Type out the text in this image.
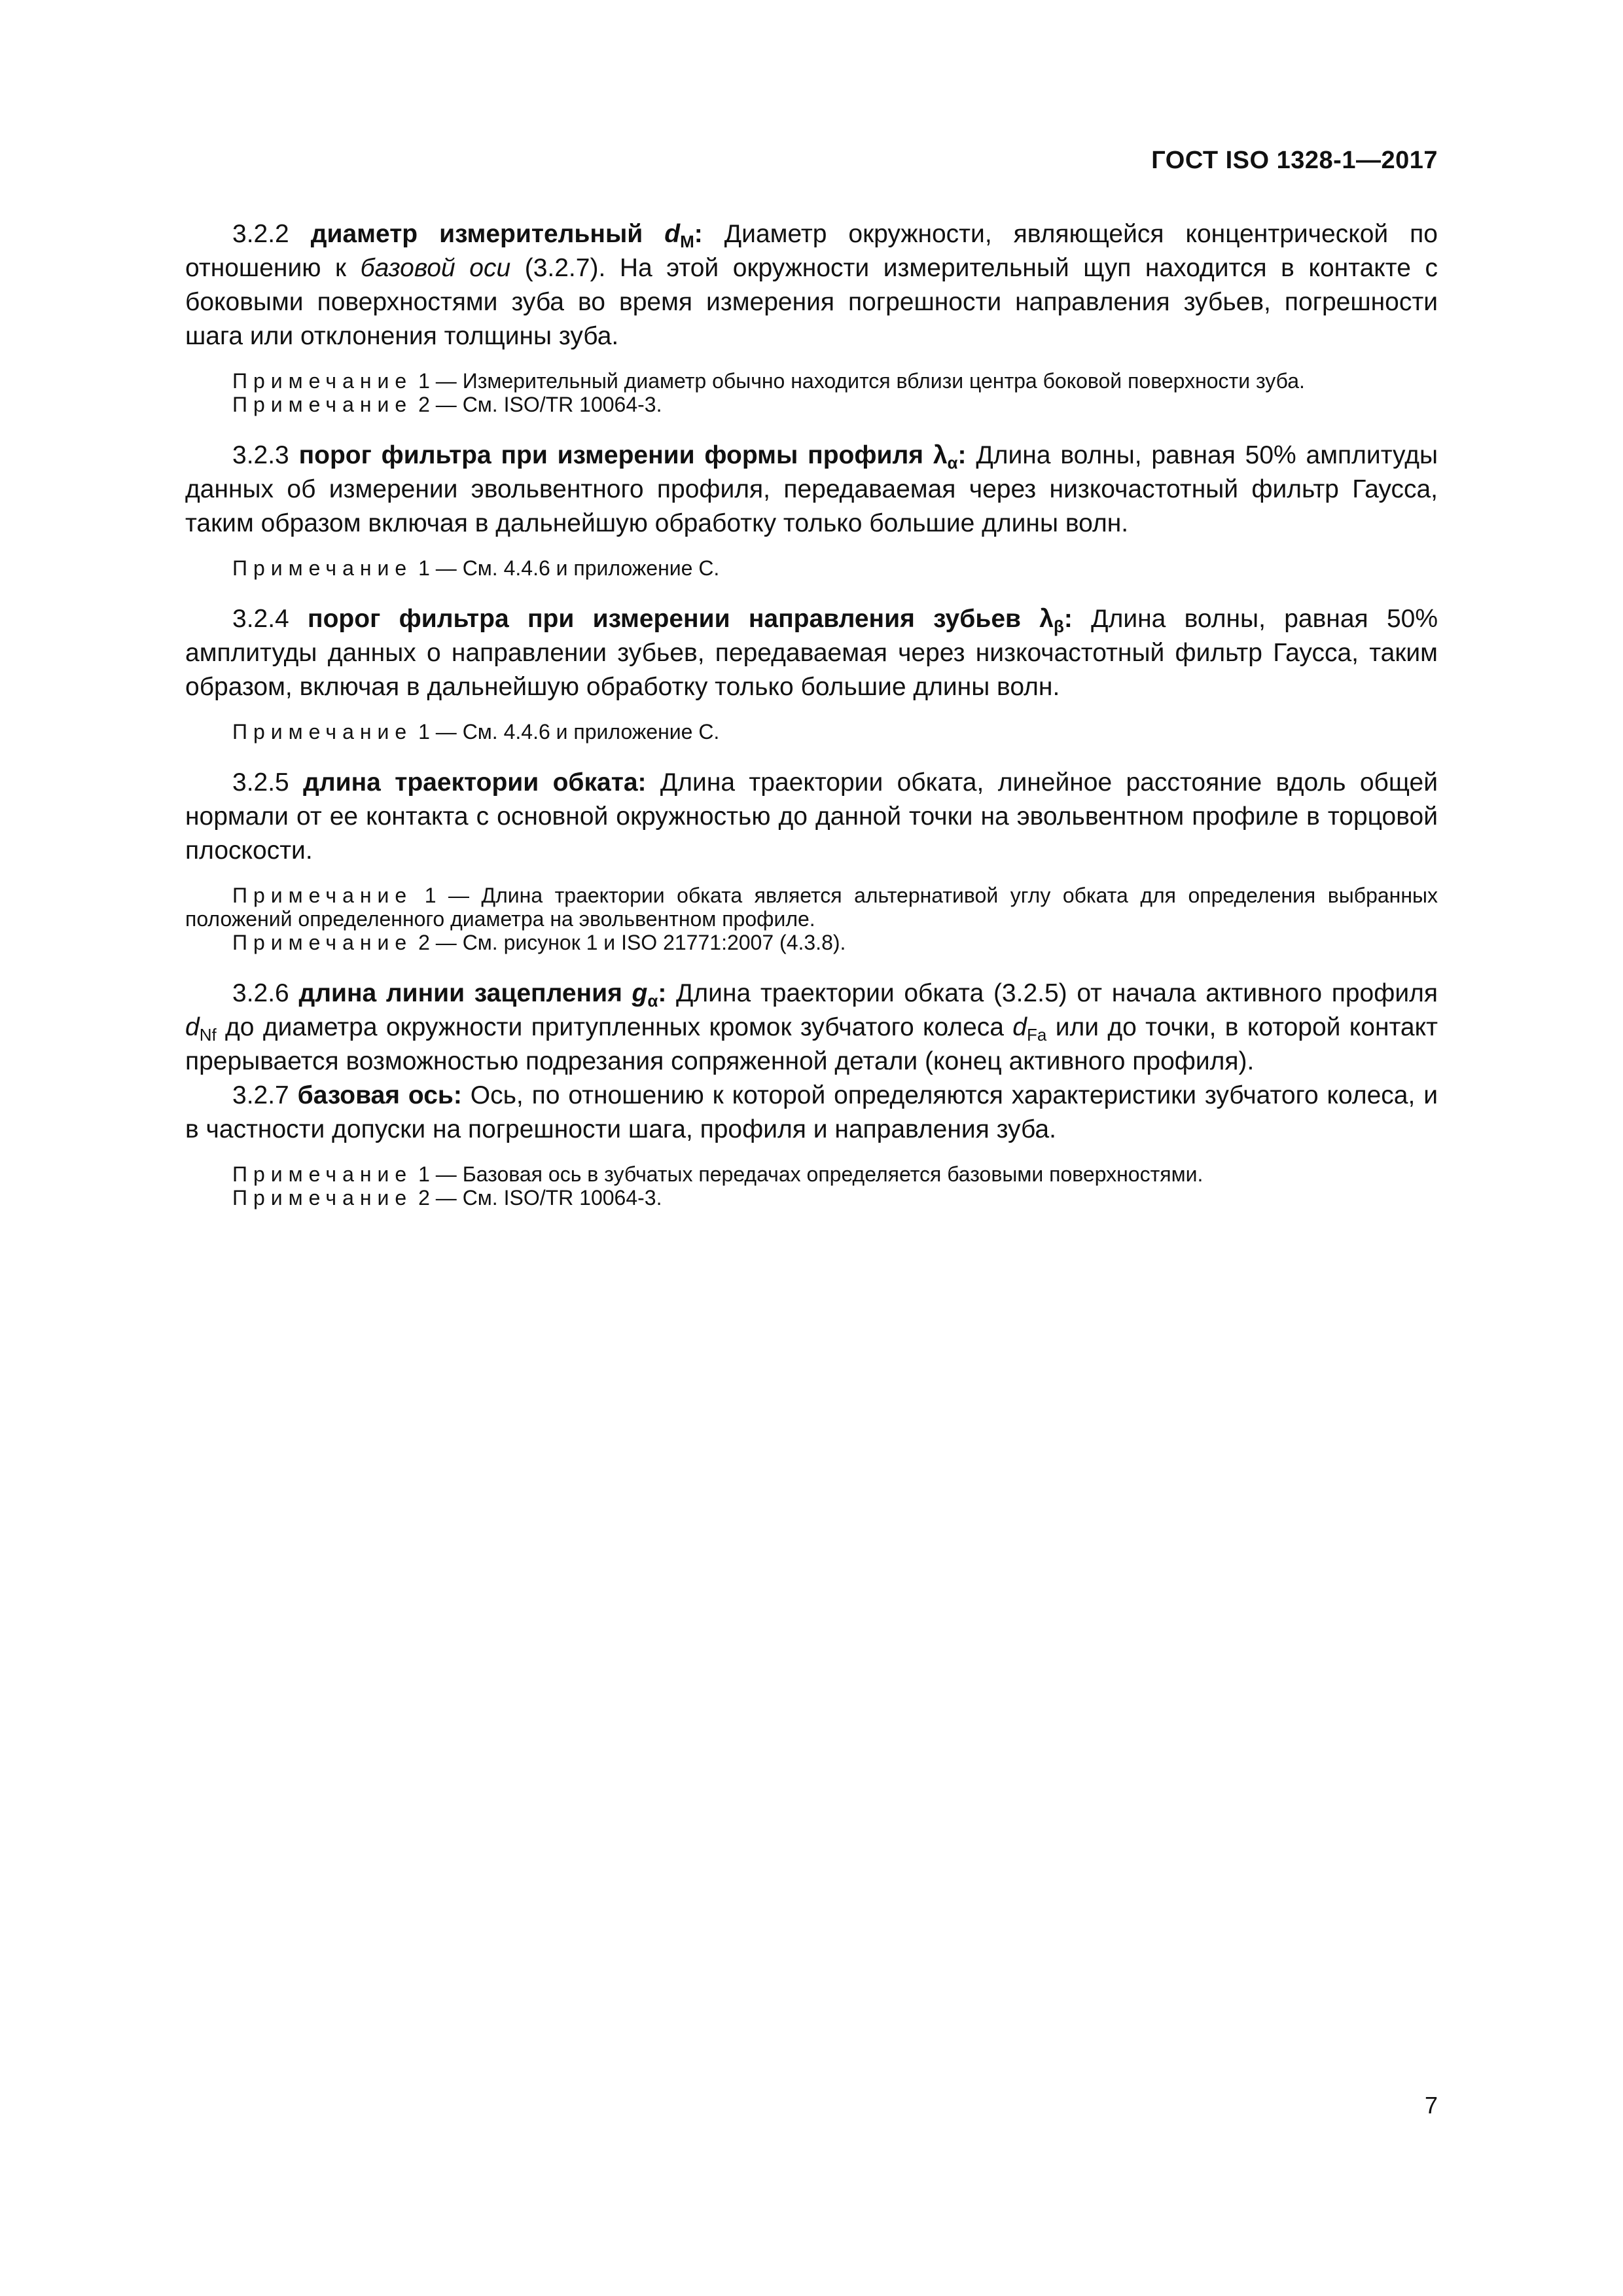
ГОСТ ISO 1328-1—2017

3.2.2 диаметр измерительный $d_M$: Диаметр окружности, являющейся концентрической по отношению к базовой оси (3.2.7). На этой окружности измерительный щуп находится в контакте с боковыми поверхностями зуба во время измерения погрешности направления зубьев, погрешности шага или отклонения толщины зуба.

Примечание 1 — Измерительный диаметр обычно находится вблизи центра боковой поверхности зуба.

Примечание 2 — См. ISO/TR 10064-3.

3.2.3 порог фильтра при измерении формы профиля $\lambda_\alpha$: Длина волны, равная 50% амплитуды данных об измерении эвольвентного профиля, передаваемая через низкочастотный фильтр Гаусса, таким образом включая в дальнейшую обработку только большие длины волн.

Примечание 1 — См. 4.4.6 и приложение С.

3.2.4 порог фильтра при измерении направления зубьев $\lambda_\beta$: Длина волны, равная 50% амплитуды данных о направлении зубьев, передаваемая через низкочастотный фильтр Гаусса, таким образом, включая в дальнейшую обработку только большие длины волн.

Примечание 1 — См. 4.4.6 и приложение С.

3.2.5 длина траектории обката: Длина траектории обката, линейное расстояние вдоль общей нормали от ее контакта с основной окружностью до данной точки на эвольвентном профиле в торцовой плоскости.

Примечание 1 — Длина траектории обката является альтернативой углу обката для определения выбранных положений определенного диаметра на эвольвентном профиле.

Примечание 2 — См. рисунок 1 и ISO 21771:2007 (4.3.8).

3.2.6 длина линии зацепления $g_\alpha$: Длина траектории обката (3.2.5) от начала активного профиля $d_{Nf}$ до диаметра окружности притупленных кромок зубчатого колеса $d_{Fa}$ или до точки, в которой контакт прерывается возможностью подрезания сопряженной детали (конец активного профиля).

3.2.7 базовая ось: Ось, по отношению к которой определяются характеристики зубчатого колеса, и в частности допуски на погрешности шага, профиля и направления зуба.

Примечание 1 — Базовая ось в зубчатых передачах определяется базовыми поверхностями.

Примечание 2 — См. ISO/TR 10064-3.

7
